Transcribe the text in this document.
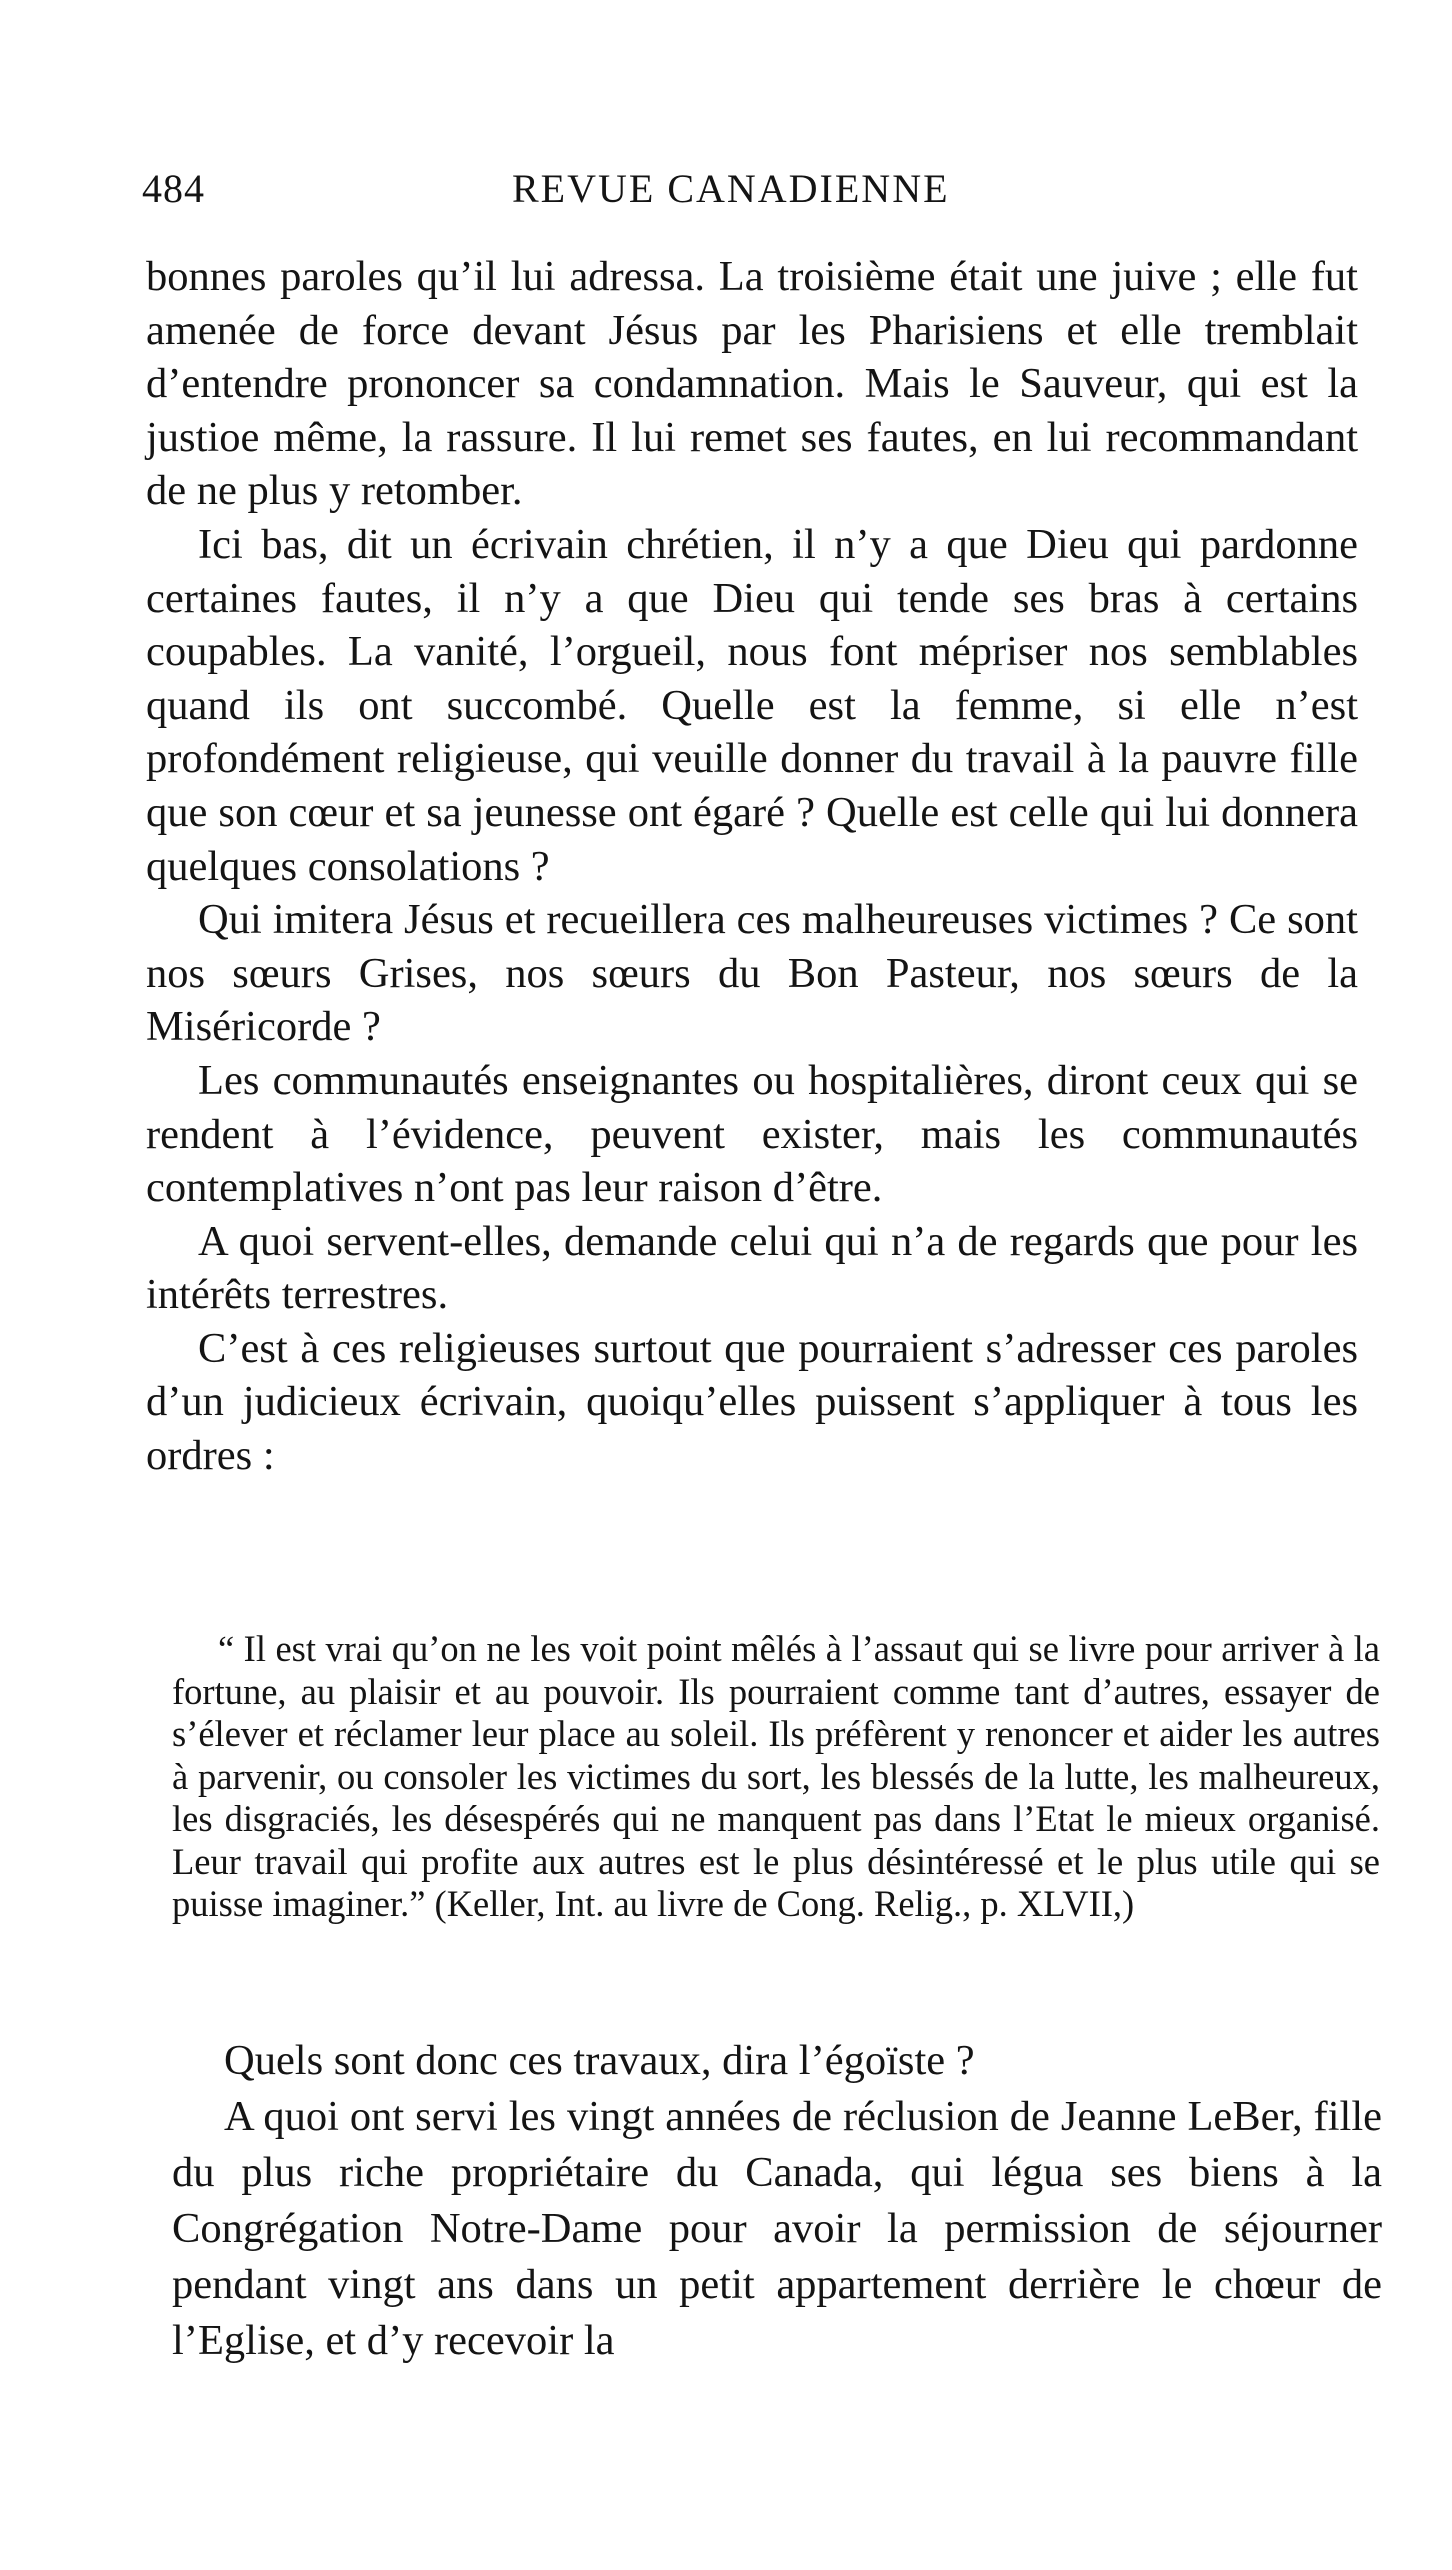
484	REVUE CANADIENNE

bonnes paroles qu’il lui adressa. La troisième était une juive ; elle fut amenée de force devant Jésus par les Pharisiens et elle tremblait d’entendre prononcer sa condamnation. Mais le Sauveur, qui est la justioe même, la rassure. Il lui remet ses fautes, en lui recommandant de ne plus y retomber.

Ici bas, dit un écrivain chrétien, il n’y a que Dieu qui pardonne certaines fautes, il n’y a que Dieu qui tende ses bras à certains coupables. La vanité, l’orgueil, nous font mépriser nos semblables quand ils ont succombé. Quelle est la femme, si elle n’est profondément religieuse, qui veuille donner du travail à la pauvre fille que son cœur et sa jeunesse ont égaré ? Quelle est celle qui lui donnera quelques consolations ?

Qui imitera Jésus et recueillera ces malheureuses victimes ? Ce sont nos sœurs Grises, nos sœurs du Bon Pasteur, nos sœurs de la Miséricorde ?

Les communautés enseignantes ou hospitalières, diront ceux qui se rendent à l’évidence, peuvent exister, mais les communautés contemplatives n’ont pas leur raison d’être.

A quoi servent-elles, demande celui qui n’a de regards que pour les intérêts terrestres.

C’est à ces religieuses surtout que pourraient s’adresser ces paroles d’un judicieux écrivain, quoiqu’elles puissent s’appliquer à tous les ordres :

“ Il est vrai qu’on ne les voit point mêlés à l’assaut qui se livre pour arriver à la fortune, au plaisir et au pouvoir. Ils pourraient comme tant d’autres, essayer de s’élever et réclamer leur place au soleil. Ils préfèrent y renoncer et aider les autres à parvenir, ou consoler les victimes du sort, les blessés de la lutte, les malheureux, les disgraciés, les désespérés qui ne manquent pas dans l’Etat le mieux organisé. Leur travail qui profite aux autres est le plus désintéressé et le plus utile qui se puisse imaginer.” (Keller, Int. au livre de Cong. Relig., p. XLVII,)

Quels sont donc ces travaux, dira l’égoïste ?

A quoi ont servi les vingt années de réclusion de Jeanne LeBer, fille du plus riche propriétaire du Canada, qui légua ses biens à la Congrégation Notre-Dame pour avoir la permission de séjourner pendant vingt ans dans un petit appartement derrière le chœur de l’Eglise, et d’y recevoir la
